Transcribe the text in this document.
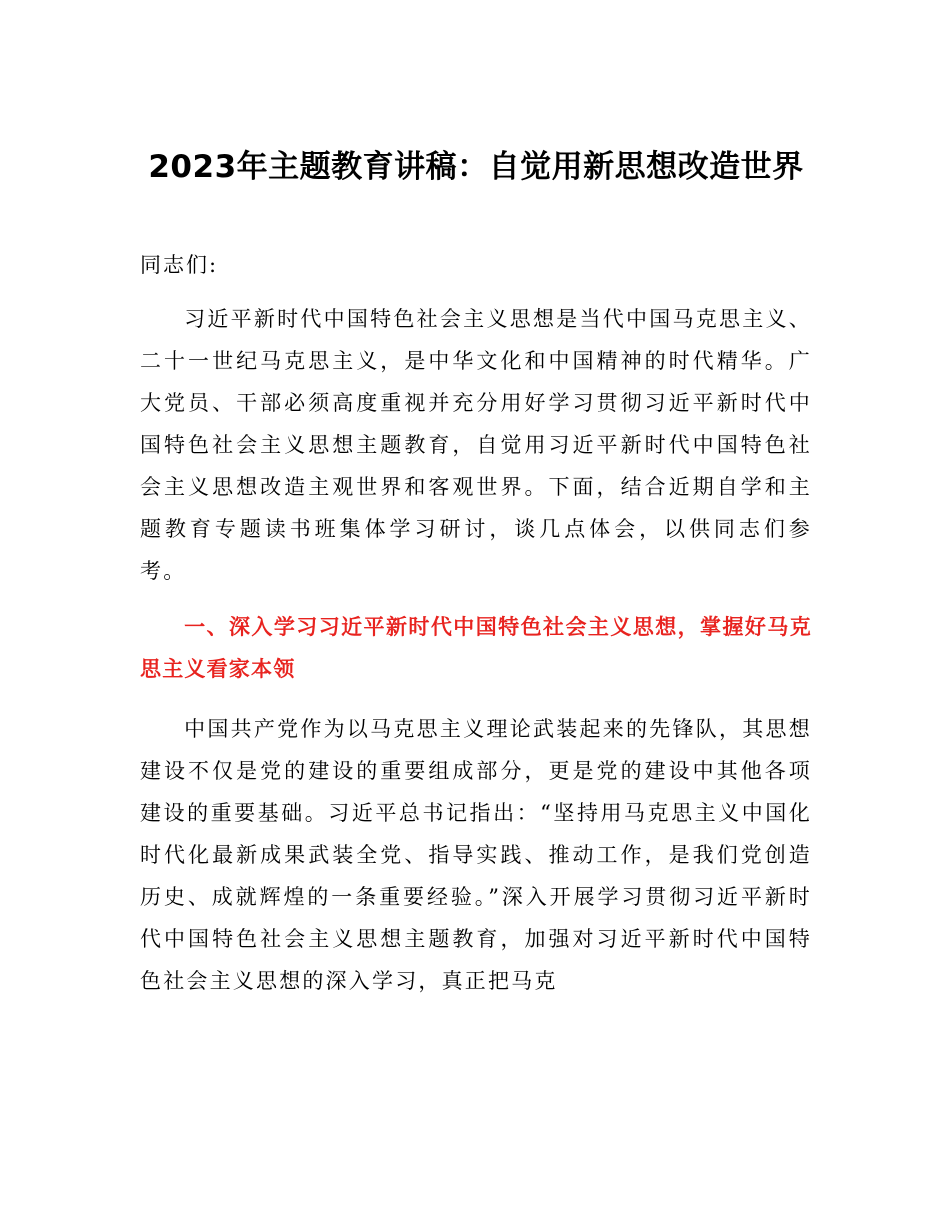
2023年主题教育讲稿：自觉用新思想改造世界

同志们:

习近平新时代中国特色社会主义思想是当代中国马克思主义、二十一世纪马克思主义，是中华文化和中国精神的时代精华。广大党员、干部必须高度重视并充分用好学习贯彻习近平新时代中国特色社会主义思想主题教育，自觉用习近平新时代中国特色社会主义思想改造主观世界和客观世界。下面，结合近期自学和主题教育专题读书班集体学习研讨，谈几点体会，以供同志们参考。

一、深入学习习近平新时代中国特色社会主义思想，掌握好马克思主义看家本领

中国共产党作为以马克思主义理论武装起来的先锋队，其思想建设不仅是党的建设的重要组成部分，更是党的建设中其他各项建设的重要基础。习近平总书记指出：“坚持用马克思主义中国化时代化最新成果武装全党、指导实践、推动工作，是我们党创造历史、成就辉煌的一条重要经验。”深入开展学习贯彻习近平新时代中国特色社会主义思想主题教育，加强对习近平新时代中国特色社会主义思想的深入学习，真正把马克
